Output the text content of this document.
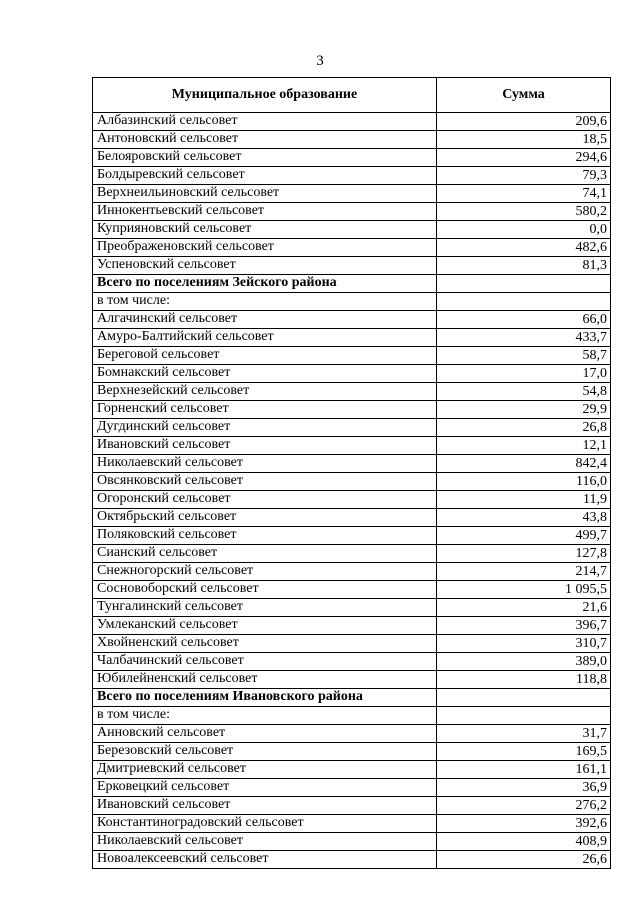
3
Муниципальное образование	Сумма
Албазинский сельсовет	209,6
Антоновский сельсовет	18,5
Белояровский сельсовет	294,6
Болдыревский сельсовет	79,3
Верхнеильиновский сельсовет	74,1
Иннокентьевский сельсовет	580,2
Куприяновский сельсовет	0,0
Преображеновский сельсовет	482,6
Успеновский сельсовет	81,3
Всего по поселениям Зейского района	
в том числе:	
Алгачинский сельсовет	66,0
Амуро-Балтийский сельсовет	433,7
Береговой сельсовет	58,7
Бомнакский сельсовет	17,0
Верхнезейский сельсовет	54,8
Горненский сельсовет	29,9
Дугдинский сельсовет	26,8
Ивановский сельсовет	12,1
Николаевский сельсовет	842,4
Овсянковский сельсовет	116,0
Огоронский сельсовет	11,9
Октябрьский сельсовет	43,8
Поляковский сельсовет	499,7
Сианский сельсовет	127,8
Снежногорский сельсовет	214,7
Сосновоборский сельсовет	1 095,5
Тунгалинский сельсовет	21,6
Умлеканский сельсовет	396,7
Хвойненский сельсовет	310,7
Чалбачинский сельсовет	389,0
Юбилейненский сельсовет	118,8
Всего по поселениям Ивановского района	
в том числе:	
Анновский сельсовет	31,7
Березовский сельсовет	169,5
Дмитриевский сельсовет	161,1
Ерковецкий сельсовет	36,9
Ивановский сельсовет	276,2
Константиноградовский сельсовет	392,6
Николаевский сельсовет	408,9
Новоалексеевский сельсовет	26,6
